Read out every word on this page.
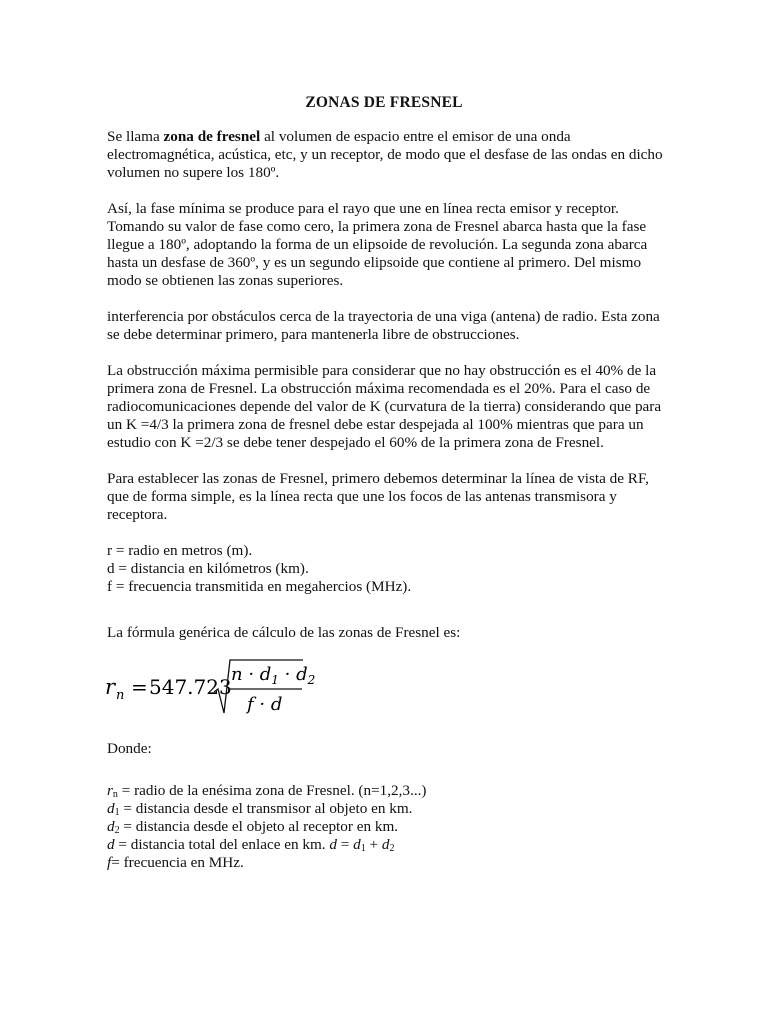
ZONAS DE FRESNEL

Se llama zona de fresnel al volumen de espacio entre el emisor de una onda electromagnética, acústica, etc, y un receptor, de modo que el desfase de las ondas en dicho volumen no supere los 180º.

Así, la fase mínima se produce para el rayo que une en línea recta emisor y receptor. Tomando su valor de fase como cero, la primera zona de Fresnel abarca hasta que la fase llegue a 180º, adoptando la forma de un elipsoide de revolución. La segunda zona abarca hasta un desfase de 360º, y es un segundo elipsoide que contiene al primero. Del mismo modo se obtienen las zonas superiores.

interferencia por obstáculos cerca de la trayectoria de una viga (antena) de radio. Esta zona se debe determinar primero, para mantenerla libre de obstrucciones.

La obstrucción máxima permisible para considerar que no hay obstrucción es el 40% de la primera zona de Fresnel. La obstrucción máxima recomendada es el 20%. Para el caso de radiocomunicaciones depende del valor de K (curvatura de la tierra) considerando que para un K =4/3 la primera zona de fresnel debe estar despejada al 100% mientras que para un estudio con K =2/3 se debe tener despejado el 60% de la primera zona de Fresnel.

Para establecer las zonas de Fresnel, primero debemos determinar la línea de vista de RF, que de forma simple, es la línea recta que une los focos de las antenas transmisora y receptora.

r = radio en metros (m).
d = distancia en kilómetros (km).
f = frecuencia transmitida en megahercios (MHz).
La fórmula genérica de cálculo de las zonas de Fresnel es:
r n = 547.723
$n \cdot d_1 \cdot d_2$
f · d
Donde:
$r_n$ = radio de la enésima zona de Fresnel. (n=1,2,3...)
$d_1$ = distancia desde el transmisor al objeto en km.
$d_2$ = distancia desde el objeto al receptor en km.
d = distancia total del enlace en km. $d = d_1 + d_2$
f= frecuencia en MHz.
